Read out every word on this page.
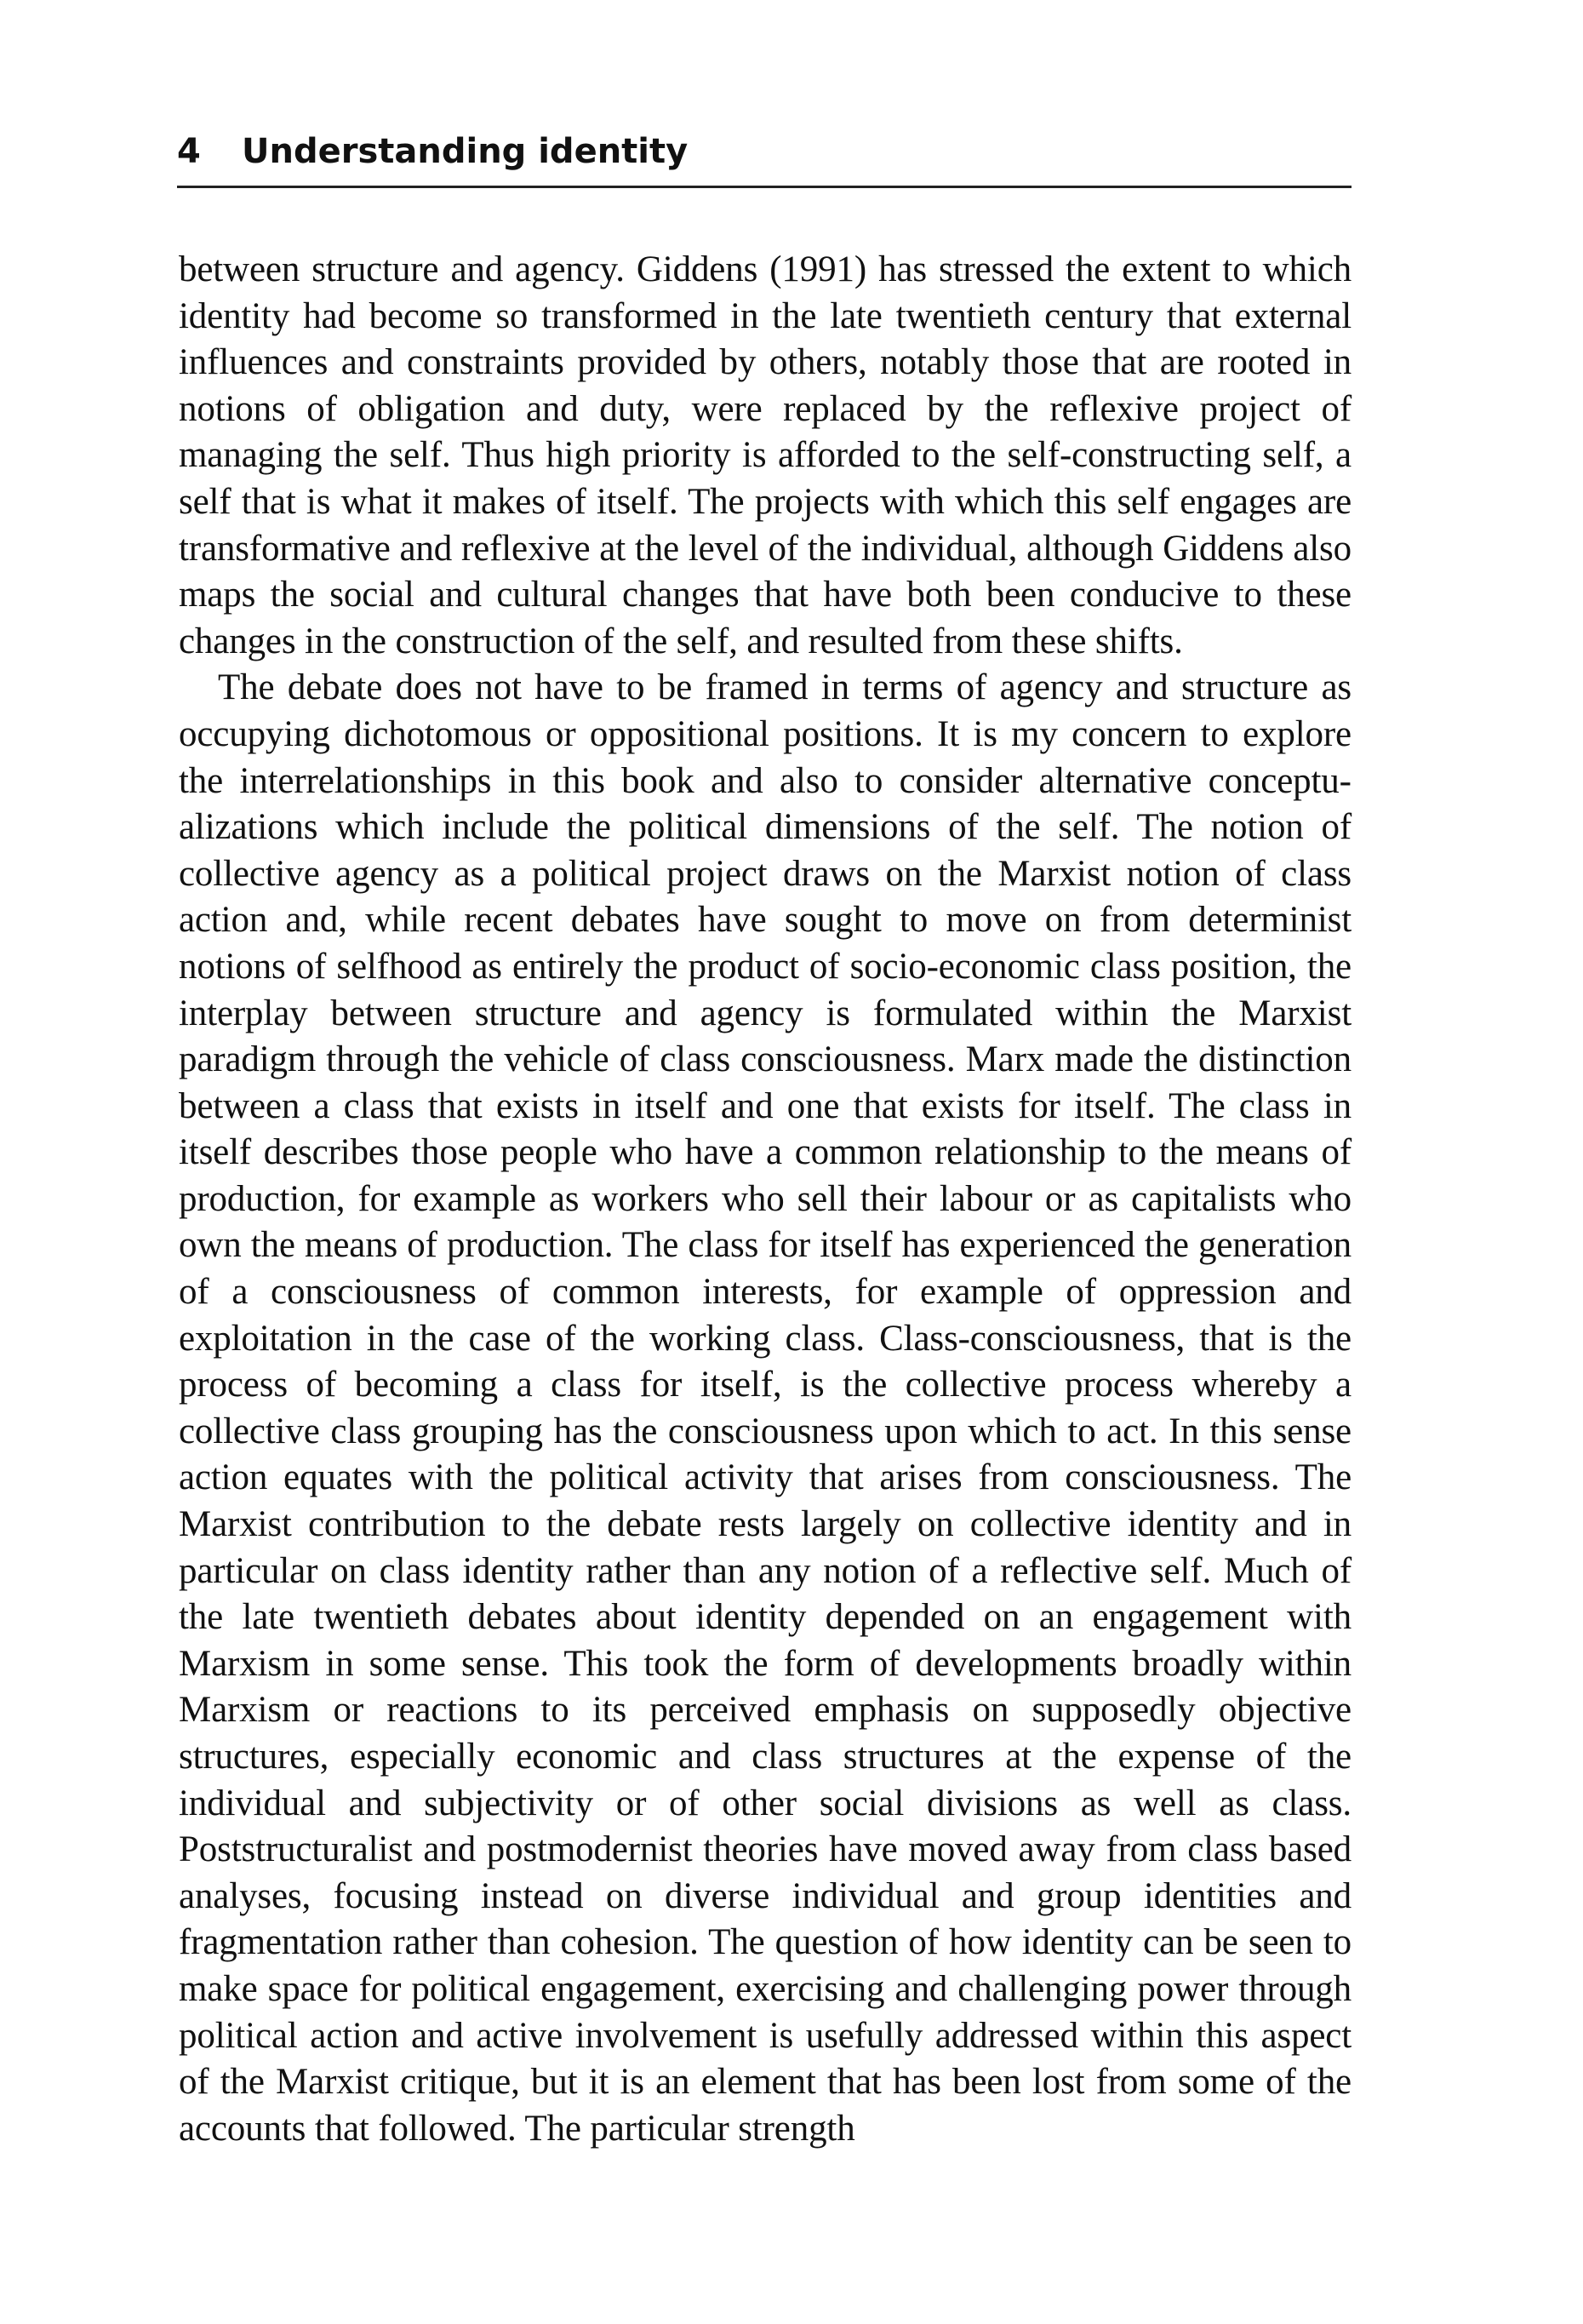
4 Understanding identity

between structure and agency. Giddens (1991) has stressed the extent to which identity had become so transformed in the late twentieth century that external influences and constraints provided by others, notably those that are rooted in notions of obligation and duty, were replaced by the reflexive project of managing the self. Thus high priority is afforded to the self-constructing self, a self that is what it makes of itself. The projects with which this self engages are transformative and reflexive at the level of the individual, although Giddens also maps the social and cultural changes that have both been conducive to these changes in the construction of the self, and resulted from these shifts.

The debate does not have to be framed in terms of agency and structure as occupying dichotomous or oppositional positions. It is my concern to explore the interrelationships in this book and also to consider alternative conceptualizations which include the political dimensions of the self. The notion of collective agency as a political project draws on the Marxist notion of class action and, while recent debates have sought to move on from determinist notions of selfhood as entirely the product of socio-economic class position, the interplay between structure and agency is formulated within the Marxist paradigm through the vehicle of class consciousness. Marx made the distinction between a class that exists in itself and one that exists for itself. The class in itself describes those people who have a common relationship to the means of production, for example as workers who sell their labour or as capitalists who own the means of production. The class for itself has experienced the generation of a consciousness of common interests, for example of oppression and exploitation in the case of the working class. Class-consciousness, that is the process of becoming a class for itself, is the collective process whereby a collective class grouping has the consciousness upon which to act. In this sense action equates with the political activity that arises from consciousness. The Marxist contribution to the debate rests largely on collective identity and in particular on class identity rather than any notion of a reflective self. Much of the late twentieth debates about identity depended on an engagement with Marxism in some sense. This took the form of developments broadly within Marxism or reactions to its perceived emphasis on supposedly objective structures, especially economic and class structures at the expense of the individual and subjectivity or of other social divisions as well as class. Poststructuralist and postmodernist theories have moved away from class based analyses, focusing instead on diverse individual and group identities and fragmentation rather than cohesion. The question of how identity can be seen to make space for political engagement, exercising and challenging power through political action and active involvement is usefully addressed within this aspect of the Marxist critique, but it is an element that has been lost from some of the accounts that followed. The particular strength
